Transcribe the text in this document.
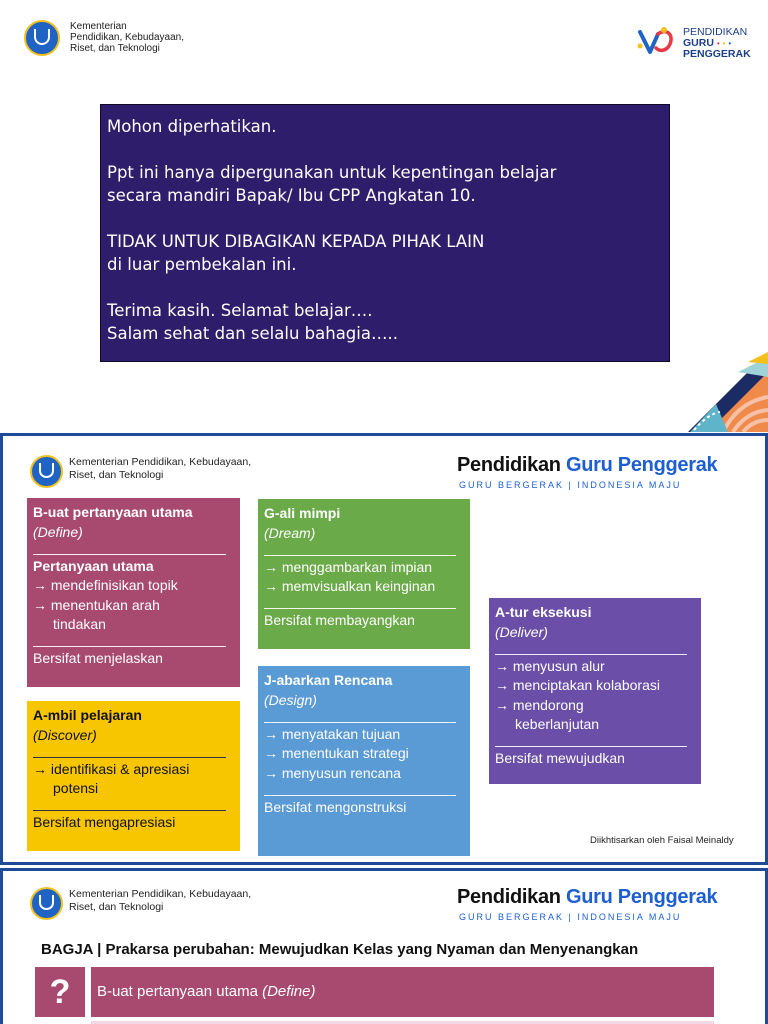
Kementerian
Pendidikan, Kebudayaan,
Riset, dan Teknologi
PENDIDIKAN
GURU • • •
PENGGERAK

Mohon diperhatikan.

Ppt ini hanya dipergunakan untuk kepentingan belajar

secara mandiri Bapak/ Ibu CPP Angkatan 10.

TIDAK UNTUK DIBAGIKAN KEPADA PIHAK LAIN

di luar pembekalan ini.

Terima kasih. Selamat belajar….

Salam sehat dan selalu bahagia…..

Kementerian Pendidikan, Kebudayaan,
Riset, dan Teknologi	Pendidikan Guru Penggerak
GURU BERGERAK | INDONESIA MAJU
B-uat pertanyaan utama
(Define)
Pertanyaan utama
→ mendefinisikan topik
→ menentukan arah
tindakan
Bersifat menjelaskan
A-mbil pelajaran
(Discover)
→ identifikasi & apresiasi
potensi
Bersifat mengapresiasi
G-ali mimpi
(Dream)
→ menggambarkan impian
→ memvisualkan keinginan
Bersifat membayangkan
J-abarkan Rencana
(Design)
→ menyatakan tujuan
→ menentukan strategi
→ menyusun rencana
Bersifat mengonstruksi
A-tur eksekusi
(Deliver)
→ menyusun alur
→ menciptakan kolaborasi
→ mendorong
keberlanjutan
Bersifat mewujudkan
Diikhtisarkan oleh Faisal Meinaldy
Kementerian Pendidikan, Kebudayaan,
Riset, dan Teknologi	Pendidikan Guru Penggerak
GURU BERGERAK | INDONESIA MAJU
BAGJA | Prakarsa perubahan: Mewujudkan Kelas yang Nyaman dan Menyenangkan
?	B-uat pertanyaan utama (Define)
